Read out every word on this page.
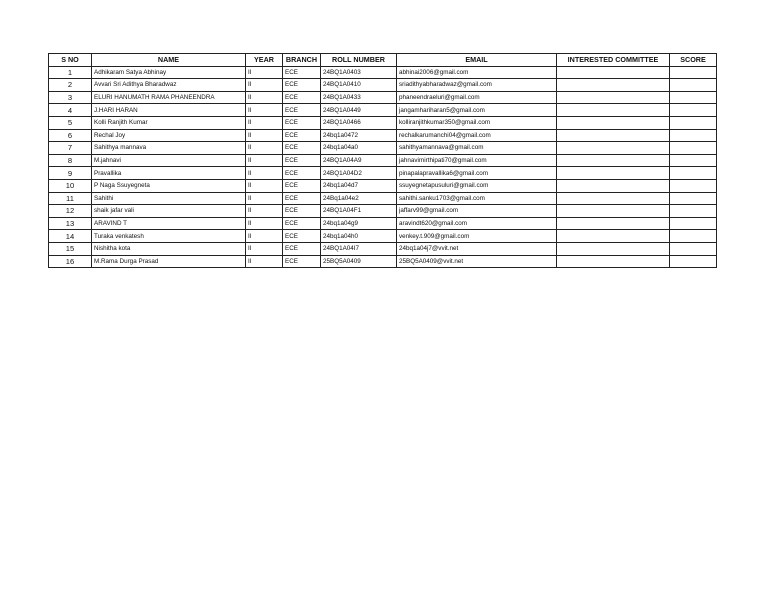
S NO	NAME	YEAR	BRANCH	ROLL NUMBER	EMAIL	INTERESTED COMMITTEE	SCORE
1	Adhikaram Satya Abhinay	II	ECE	24BQ1A0403	abhinai2006@gmail.com		
2	Avvari Sri Adithya Bharadwaz	II	ECE	24BQ1A0410	sriadithyabharadwaz@gmail.com		
3	ELURI HANUMATH RAMA PHANEENDRA	II	ECE	24BQ1A0433	phaneendraeluri@gmail.com		
4	J.HARI HARAN	II	ECE	24BQ1A0449	jangamhariharan5@gmail.com		
5	Kolli Ranjith Kumar	II	ECE	24BQ1A0466	kolliranjithkumar350@gmail.com		
6	Rechal Joy	II	ECE	24bq1a0472	rechalkarumanchi04@gmail.com		
7	Sahithya mannava	II	ECE	24bq1a04a0	sahithyamannava@gmail.com		
8	M.jahnavi	II	ECE	24BQ1A04A9	jahnavimirthipati70@gmail.com		
9	Pravallika	II	ECE	24BQ1A04D2	pinapalapravallika6@gmail.com		
10	P Naga Ssuyegneta	II	ECE	24bq1a04d7	ssuyegnetapusuluri@gmail.com		
11	Sahithi	II	ECE	24Bq1a04e2	sahithi.sanku1703@gmail.com		
12	shaik jafar vali	II	ECE	24BQ1A04F1	jaffarv99@gmail.com		
13	ARAVIND T	II	ECE	24bq1a04g9	aravindt620@gmail.com		
14	Turaka venkatesh	II	ECE	24bq1a04h0	venkey.t.909@gmail.com		
15	Nishitha kota	II	ECE	24BQ1A04I7	24bq1a04j7@vvit.net		
16	M.Rama Durga Prasad	II	ECE	25BQ5A0409	25BQ5A0409@vvit.net		
